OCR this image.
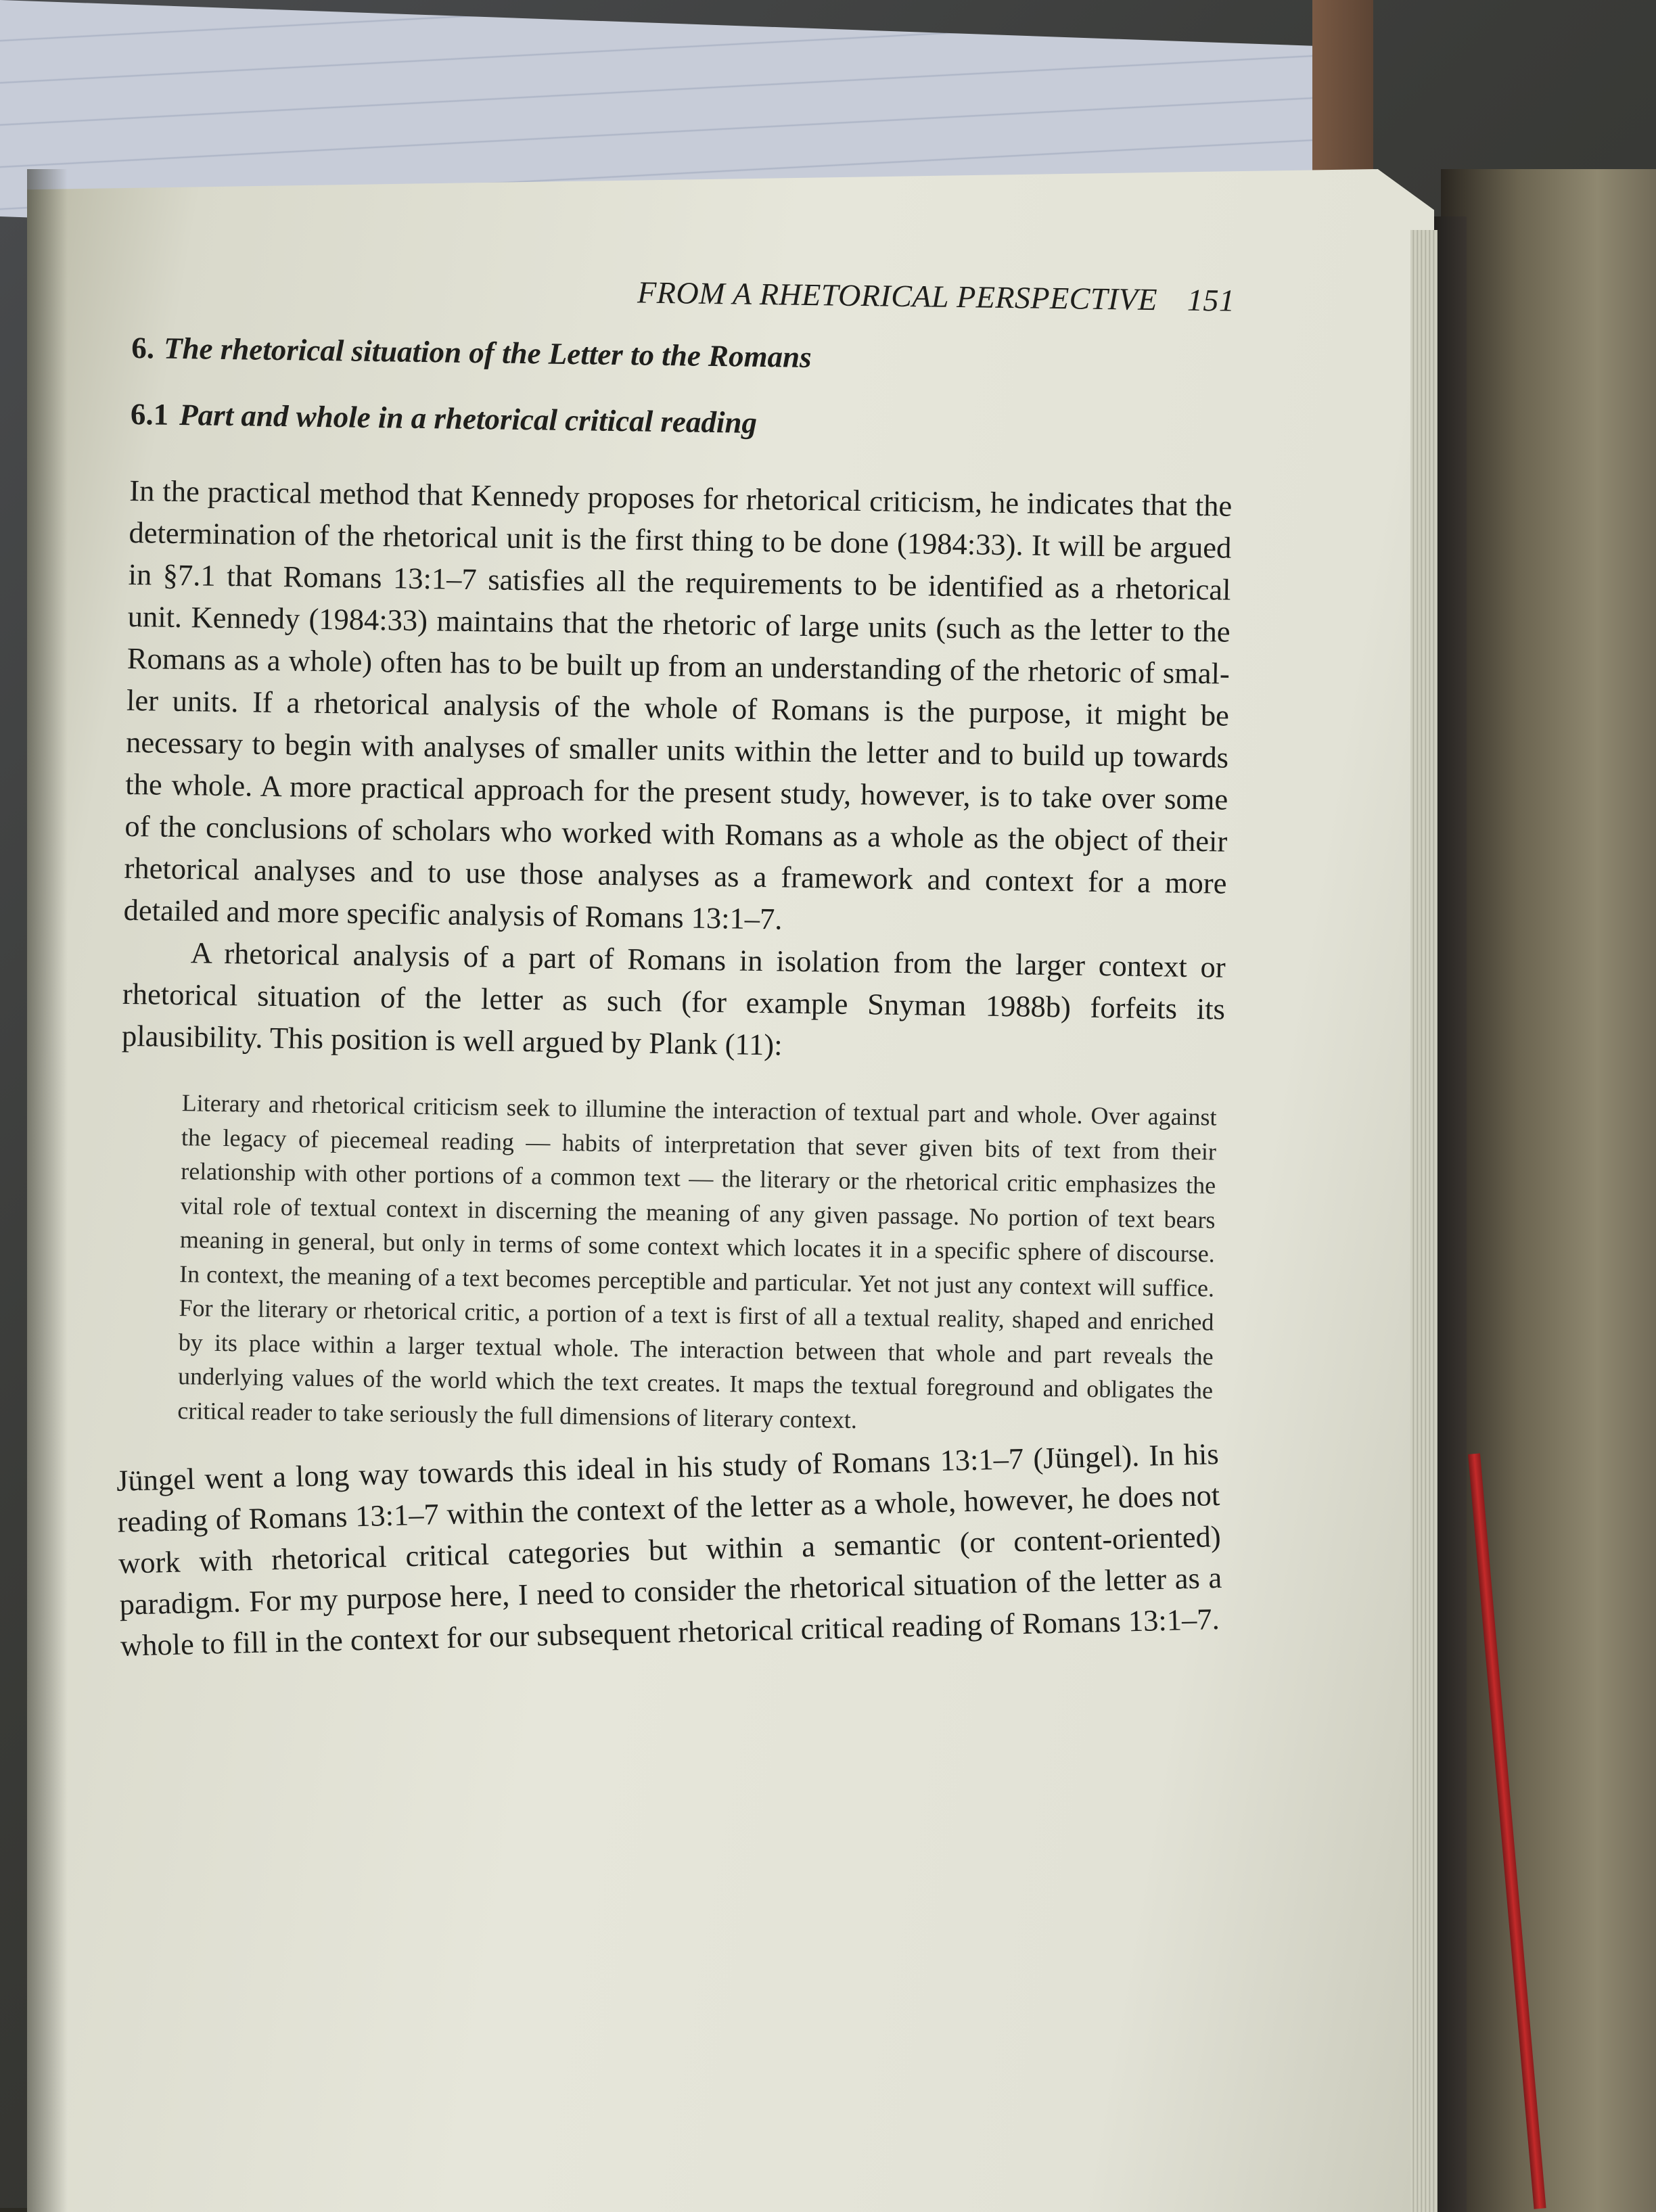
FROM A RHETORICAL PERSPECTIVE 151
6. The rhetorical situation of the Letter to the Romans
6.1 Part and whole in a rhetorical critical reading

In the practical method that Kennedy proposes for rhetorical criticism, he indicates that the determination of the rhetorical unit is the first thing to be done (1984:33). It will be argued in §7.1 that Romans 13:1–7 satisfies all the requirements to be identified as a rhetorical unit. Kennedy (1984:33) maintains that the rhetoric of large units (such as the letter to the Romans as a whole) often has to be built up from an understanding of the rhetoric of smaller units. If a rhetorical analysis of the whole of Romans is the purpose, it might be necessary to begin with analyses of smaller units within the letter and to build up towards the whole. A more practical approach for the present study, however, is to take over some of the conclusions of scholars who worked with Romans as a whole as the object of their rhetorical analyses and to use those analyses as a framework and context for a more detailed and more specific analysis of Romans 13:1–7.

A rhetorical analysis of a part of Romans in isolation from the larger context or rhetorical situation of the letter as such (for example Snyman 1988b) forfeits its plausibility. This position is well argued by Plank (11):

Literary and rhetorical criticism seek to illumine the interaction of textual part and whole. Over against the legacy of piecemeal reading — habits of interpretation that sever given bits of text from their relationship with other portions of a common text — the literary or the rhetorical critic emphasizes the vital role of textual context in discerning the meaning of any given passage. No portion of text bears meaning in general, but only in terms of some context which locates it in a specific sphere of discourse. In context, the meaning of a text becomes perceptible and particular. Yet not just any context will suffice. For the literary or rhetorical critic, a portion of a text is first of all a textual reality, shaped and enriched by its place within a larger textual whole. The interaction between that whole and part reveals the underlying values of the world which the text creates. It maps the textual foreground and obligates the critical reader to take seriously the full dimensions of literary context.

Jüngel went a long way towards this ideal in his study of Romans 13:1–7 (Jüngel). In his reading of Romans 13:1–7 within the context of the letter as a whole, however, he does not work with rhetorical critical categories but within a semantic (or content-oriented) paradigm. For my purpose here, I need to consider the rhetorical situation of the letter as a whole to fill in the context for our subsequent rhetorical critical reading of Romans 13:1–7.
